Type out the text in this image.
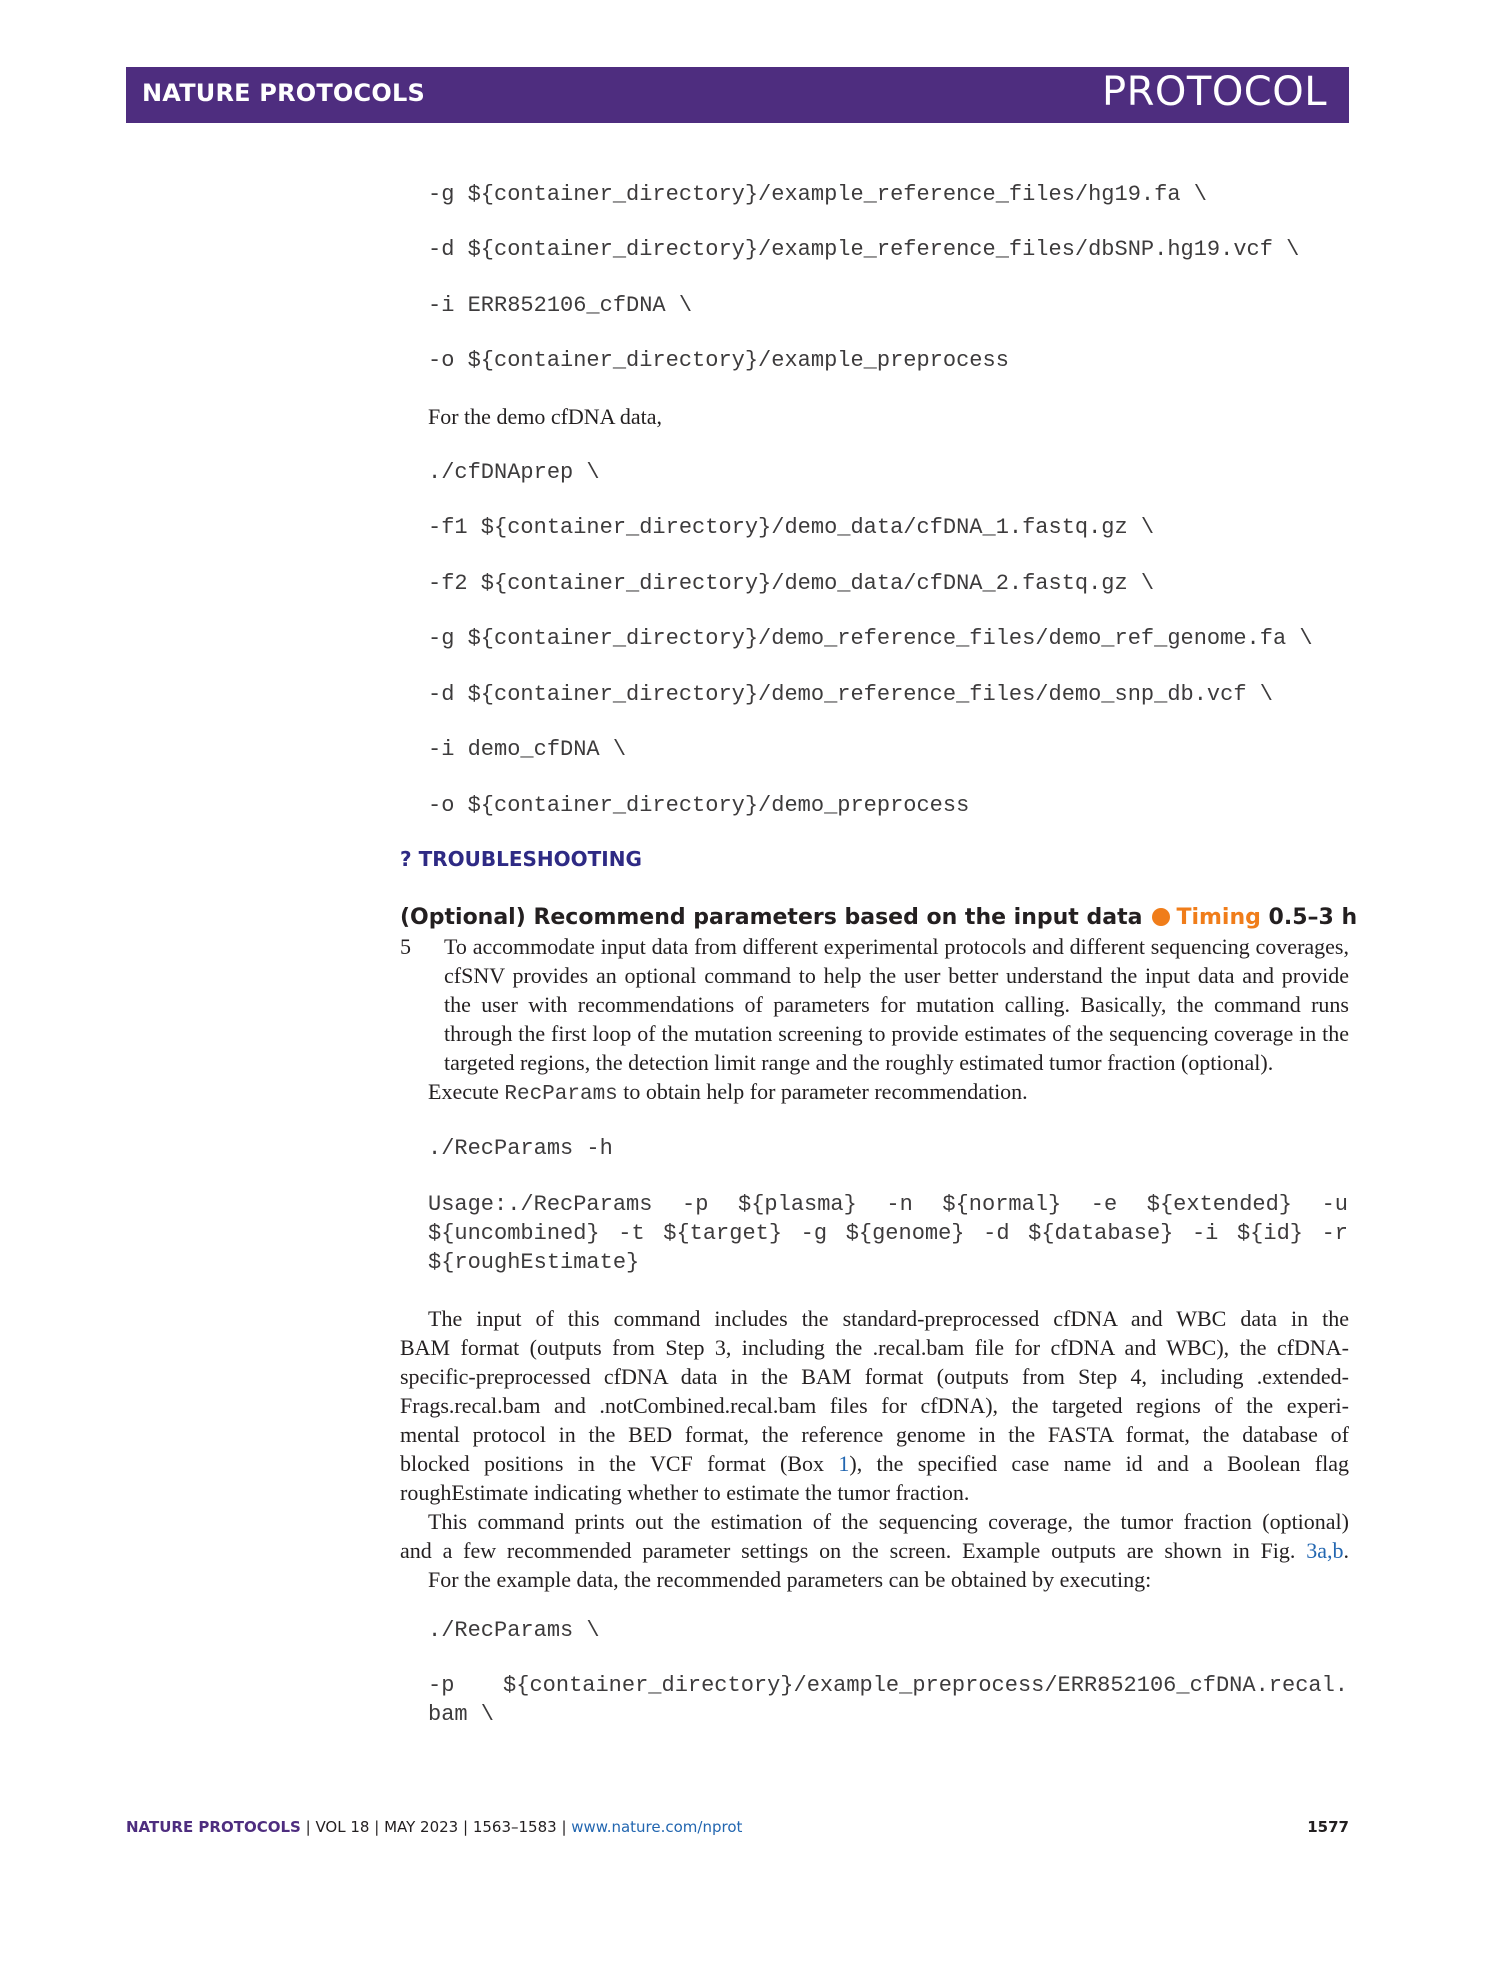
NATURE PROTOCOLS	PROTOCOL
-g ${container_directory}/example_reference_files/hg19.fa \
-d ${container_directory}/example_reference_files/dbSNP.hg19.vcf \
-i ERR852106_cfDNA \
-o ${container_directory}/example_preprocess

For the demo cfDNA data,

./cfDNAprep \
-f1 ${container_directory}/demo_data/cfDNA_1.fastq.gz \
-f2 ${container_directory}/demo_data/cfDNA_2.fastq.gz \
-g ${container_directory}/demo_reference_files/demo_ref_genome.fa \
-d ${container_directory}/demo_reference_files/demo_snp_db.vcf \
-i demo_cfDNA \
-o ${container_directory}/demo_preprocess
? TROUBLESHOOTING
(Optional) Recommend parameters based on the input data Timing 0.5–3 h
5 To accommodate input data from different experimental protocols and different sequencing coverages,
cfSNV provides an optional command to help the user better understand the input data and provide
the user with recommendations of parameters for mutation calling. Basically, the command runs
through the first loop of the mutation screening to provide estimates of the sequencing coverage in the
targeted regions, the detection limit range and the roughly estimated tumor fraction (optional).

Execute RecParams to obtain help for parameter recommendation.

./RecParams -h
Usage:./RecParams -p ${plasma} -n ${normal} -e ${extended} -u
${uncombined} -t ${target} -g ${genome} -d ${database} -i ${id} -r
${roughEstimate}
The input of this command includes the standard-preprocessed cfDNA and WBC data in the
BAM format (outputs from Step 3, including the .recal.bam file for cfDNA and WBC), the cfDNA-
specific-preprocessed cfDNA data in the BAM format (outputs from Step 4, including .extended-
Frags.recal.bam and .notCombined.recal.bam files for cfDNA), the targeted regions of the experi-
mental protocol in the BED format, the reference genome in the FASTA format, the database of
blocked positions in the VCF format (Box 1), the specified case name id and a Boolean flag
roughEstimate indicating whether to estimate the tumor fraction.
This command prints out the estimation of the sequencing coverage, the tumor fraction (optional)
and a few recommended parameter settings on the screen. Example outputs are shown in Fig. 3a,b.
For the example data, the recommended parameters can be obtained by executing:
./RecParams \
-p ${container_directory}/example_preprocess/ERR852106_cfDNA.recal.
bam \
NATURE PROTOCOLS | VOL 18 | MAY 2023 | 1563–1583 | www.nature.com/nprot	1577
